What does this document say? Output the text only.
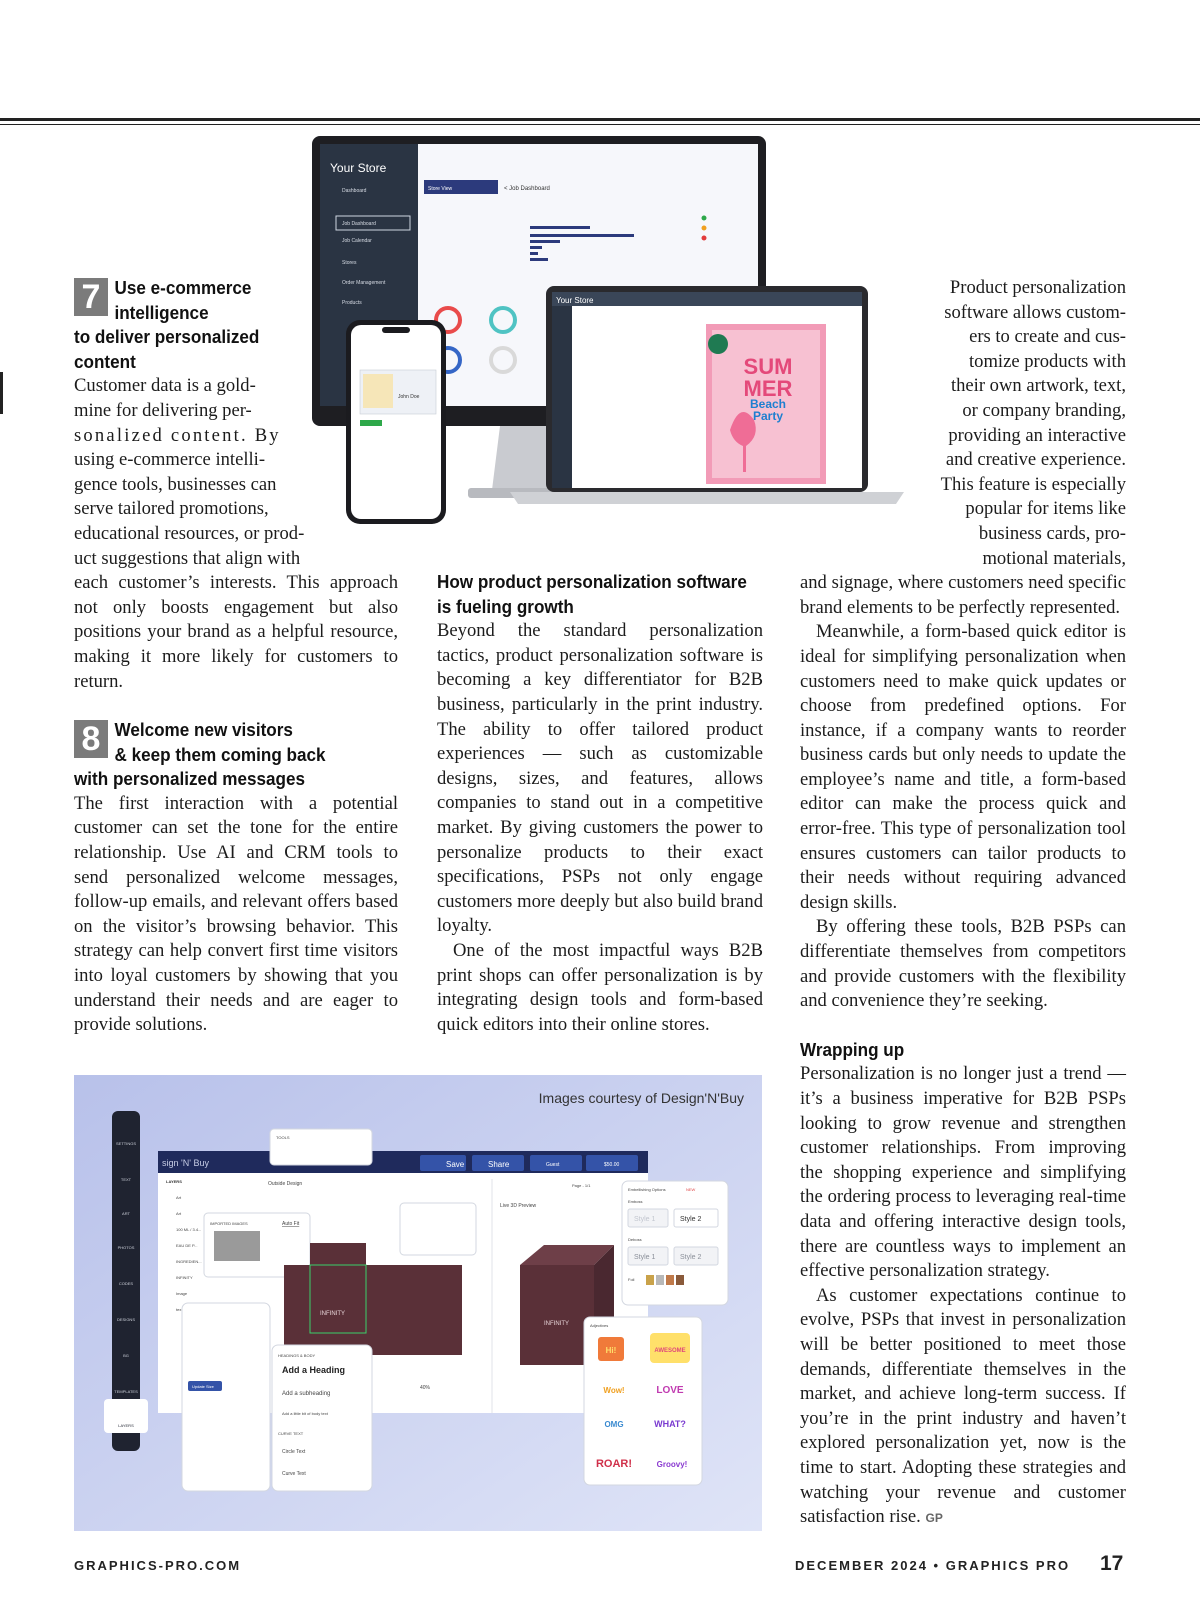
Your Store
Dashboard
Job Dashboard
Job Calendar
Stores
Order Management
Products
Store View	< Job Dashboard
Your Store
SUM
MER
Beach
Party
John Doe
7 Use e-commerce

intelligence

to deliver personalized

content

Customer data is a gold-

mine for delivering per-

sonalized content. By

using e-commerce intelli-

gence tools, businesses can

serve tailored promotions,

educational resources, or prod-

uct suggestions that align with

each customer’s interests. This approach not only boosts engagement but also positions your brand as a helpful resource, making it more likely for customers to return.

8 Welcome new visitors

& keep them coming back

with personalized messages

The first interaction with a potential customer can set the tone for the entire relationship. Use AI and CRM tools to send personalized welcome messages, follow-up emails, and relevant offers based on the visitor’s browsing behavior. This strategy can help convert first time visitors into loyal customers by showing that you understand their needs and are eager to provide solutions.

How product personalization software

is fueling growth

Beyond the standard personalization tactics, product personalization software is becoming a key differentiator for B2B business, particularly in the print industry. The ability to offer tailored product experiences — such as customizable designs, sizes, and features, allows companies to stand out in a competitive market. By giving customers the power to personalize products to their exact specifications, PSPs not only engage customers more deeply but also build brand loyalty.

One of the most impactful ways B2B print shops can offer personalization is by integrating design tools and form-based quick editors into their online stores.

Product personalization

software allows custom-

ers to create and cus-

tomize products with

their own artwork, text,

or company branding,

providing an interactive

and creative experience.

This feature is especially

popular for items like

business cards, pro-

motional materials,

and signage, where customers need specific brand elements to be perfectly represented.

Meanwhile, a form-based quick editor is ideal for simplifying personalization when customers need to make quick updates or choose from predefined options. For instance, if a company wants to reorder business cards but only needs to update the employee’s name and title, a form-based editor can make the process quick and error-free. This type of personalization tool ensures customers can tailor products to their needs without requiring advanced design skills.

By offering these tools, B2B PSPs can differentiate themselves from competitors and provide customers with the flexibility and convenience they’re seeking.

Wrapping up

Personalization is no longer just a trend — it’s a business imperative for B2B PSPs looking to grow revenue and strengthen customer relationships. From improving the shopping experience and simplifying the ordering process to leveraging real-time data and offering interactive design tools, there are countless ways to implement an effective personalization strategy.

As customer expectations continue to evolve, PSPs that invest in personalization will be better positioned to meet those demands, differentiate themselves in the market, and achieve long-term success. If you’re in the print industry and haven’t explored personalization yet, now is the time to start. Adopting these strategies and watching your revenue and customer satisfaction rise. GP

Images courtesy of Design'N'Buy
SETTINGS
TEXT
ART
PHOTOS
CODES
DESIGNS
BG
TEMPLATES
LAYERS
sign 'N' Buy	Save	Share	Guest	$50.00
TOOLS
LAYERS
Art
Art
100 ML / 3.4...
EAU DE P...
INGREDIEN...
INFINITY
Image
text
IMPORTED IMAGES
Outside Design
Auto Fit
INFINITY
Live 3D Preview
INFINITY
Page - 1/1
40%
Update Size
HEADINGS & BODY
Add a Heading
Add a subheading
Add a little bit of body text
CURVE TEXT
Circle Text
Curve Text
Embellishing Options	NEW
Emboss
Style 1	Style 2
Deboss
Style 1	Style 2
Foil
Adjectives
Hi!	AWESOME
Wow!	LOVE
OMG	WHAT?
ROAR!	Groovy!
GRAPHICS-PRO.COM	DECEMBER 2024 • GRAPHICS PRO 17
